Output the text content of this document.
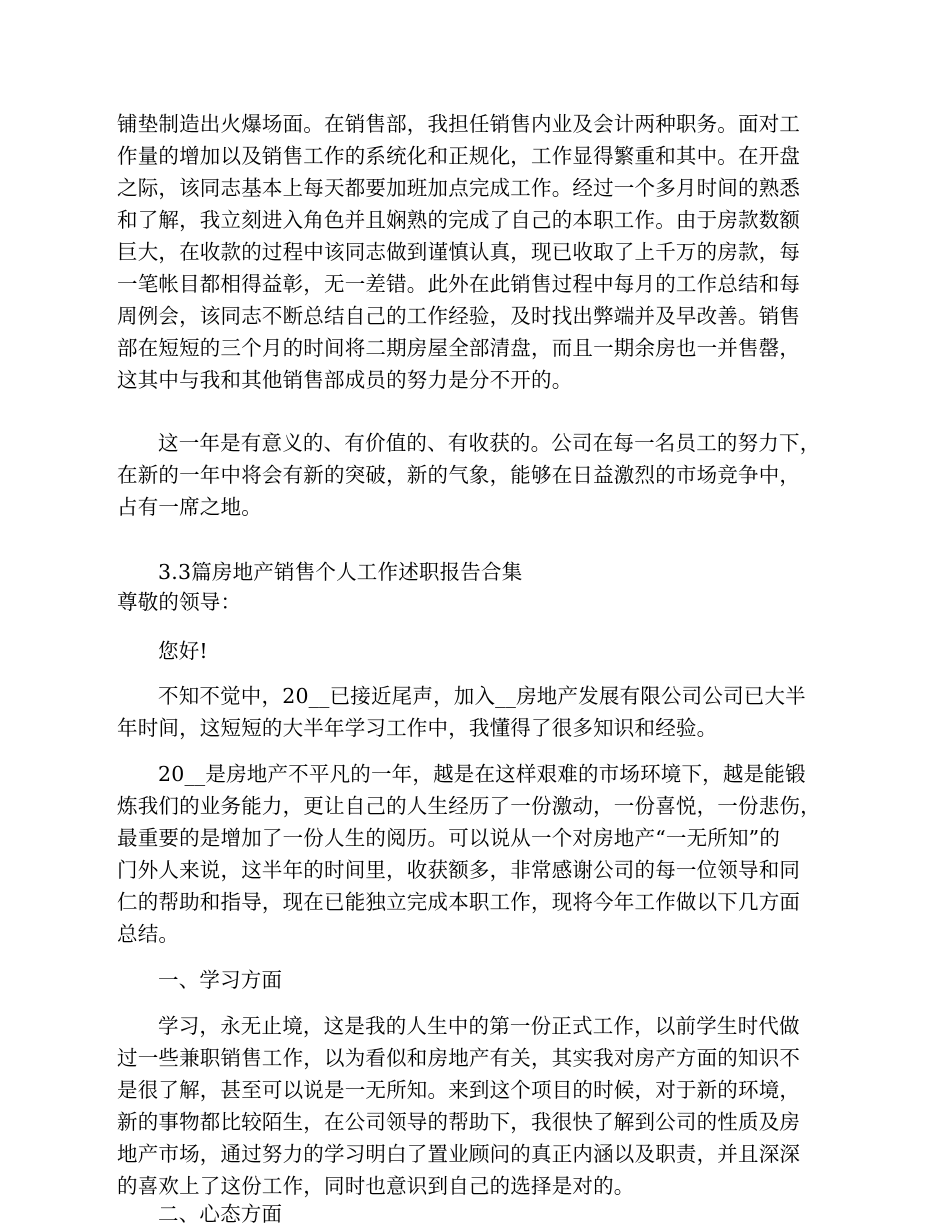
铺垫制造出火爆场面。在销售部，我担任销售内业及会计两种职务。面对工
作量的增加以及销售工作的系统化和正规化，工作显得繁重和其中。在开盘
之际，该同志基本上每天都要加班加点完成工作。经过一个多月时间的熟悉
和了解，我立刻进入角色并且娴熟的完成了自己的本职工作。由于房款数额
巨大，在收款的过程中该同志做到谨慎认真，现已收取了上千万的房款，每
一笔帐目都相得益彰，无一差错。此外在此销售过程中每月的工作总结和每
周例会，该同志不断总结自己的工作经验，及时找出弊端并及早改善。销售
部在短短的三个月的时间将二期房屋全部清盘，而且一期余房也一并售罄，
这其中与我和其他销售部成员的努力是分不开的。
这一年是有意义的、有价值的、有收获的。公司在每一名员工的努力下，
在新的一年中将会有新的突破，新的气象，能够在日益激烈的市场竞争中，
占有一席之地。
3.3篇房地产销售个人工作述职报告合集
尊敬的领导：
您好!
不知不觉中，20__已接近尾声，加入__房地产发展有限公司公司已大半
年时间，这短短的大半年学习工作中，我懂得了很多知识和经验。
20__是房地产不平凡的一年，越是在这样艰难的市场环境下，越是能锻
炼我们的业务能力，更让自己的人生经历了一份激动，一份喜悦，一份悲伤，
最重要的是增加了一份人生的阅历。可以说从一个对房地产“一无所知”的
门外人来说，这半年的时间里，收获额多，非常感谢公司的每一位领导和同
仁的帮助和指导，现在已能独立完成本职工作，现将今年工作做以下几方面
总结。
一、学习方面
学习，永无止境，这是我的人生中的第一份正式工作，以前学生时代做
过一些兼职销售工作，以为看似和房地产有关，其实我对房产方面的知识不
是很了解，甚至可以说是一无所知。来到这个项目的时候，对于新的环境，
新的事物都比较陌生，在公司领导的帮助下，我很快了解到公司的性质及房
地产市场，通过努力的学习明白了置业顾问的真正内涵以及职责，并且深深
的喜欢上了这份工作，同时也意识到自己的选择是对的。
二、心态方面
